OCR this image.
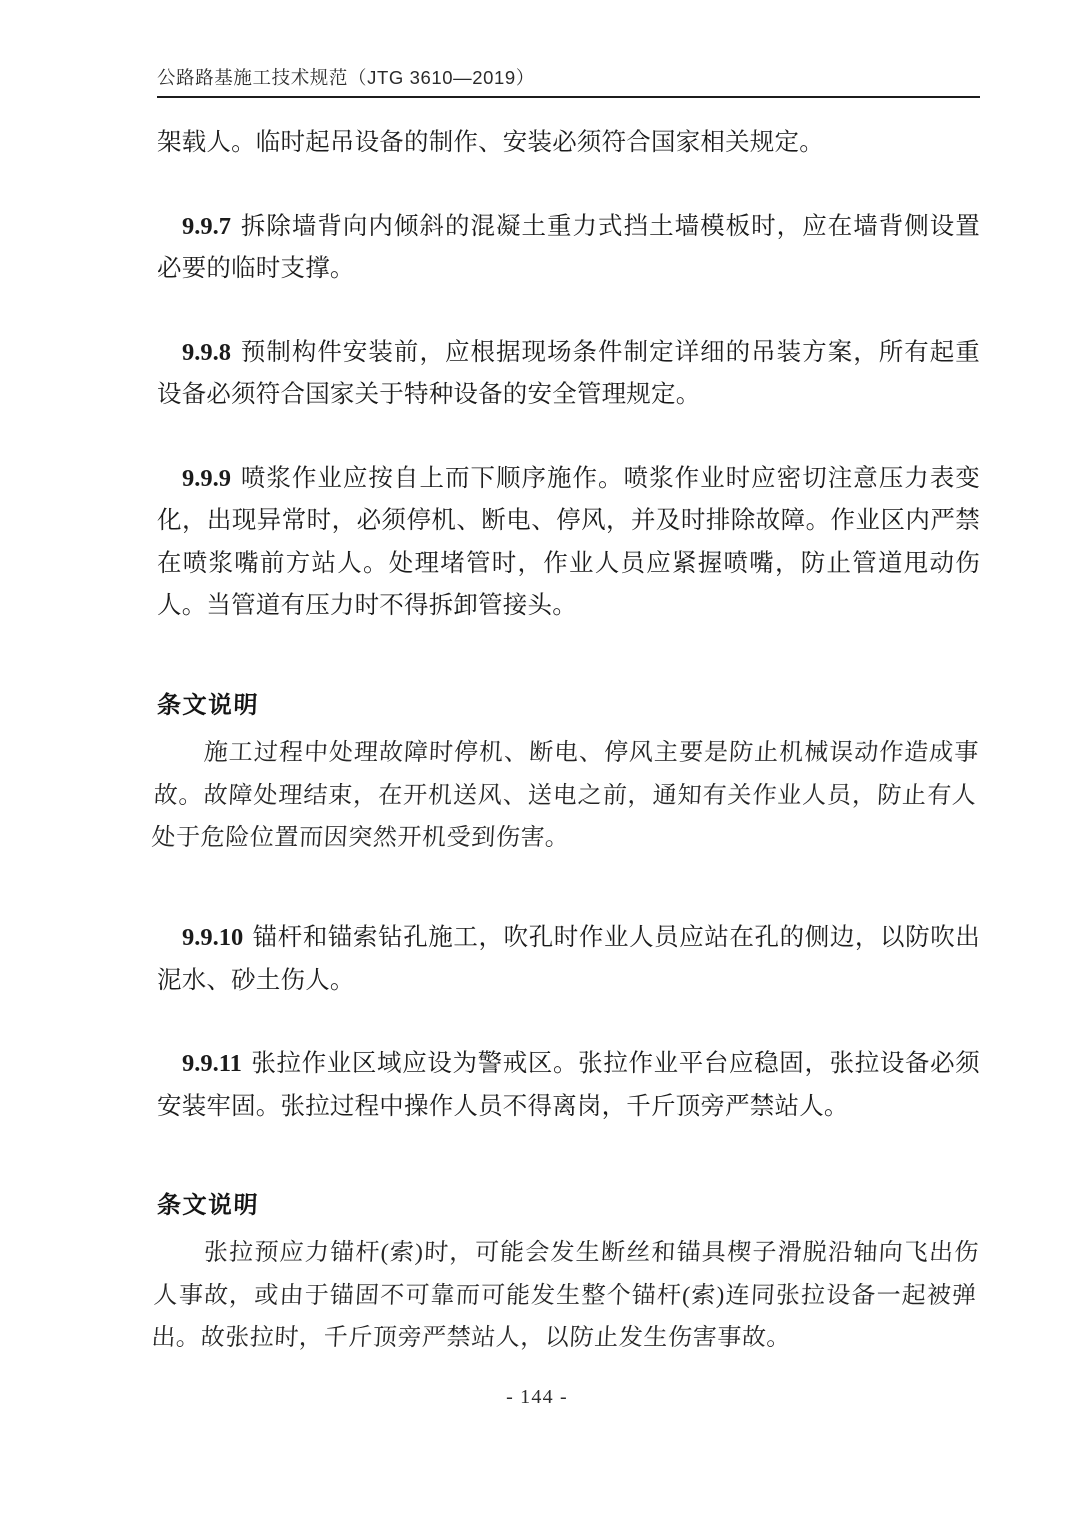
公路路基施工技术规范（JTG 3610—2019）

架载人。临时起吊设备的制作、安装必须符合国家相关规定。

9.9.7 拆除墙背向内倾斜的混凝土重力式挡土墙模板时，应在墙背侧设置必要的临时支撑。

9.9.8 预制构件安装前，应根据现场条件制定详细的吊装方案，所有起重设备必须符合国家关于特种设备的安全管理规定。

9.9.9 喷浆作业应按自上而下顺序施作。喷浆作业时应密切注意压力表变化，出现异常时，必须停机、断电、停风，并及时排除故障。作业区内严禁在喷浆嘴前方站人。处理堵管时，作业人员应紧握喷嘴，防止管道甩动伤人。当管道有压力时不得拆卸管接头。

条文说明

施工过程中处理故障时停机、断电、停风主要是防止机械误动作造成事故。故障处理结束，在开机送风、送电之前，通知有关作业人员，防止有人处于危险位置而因突然开机受到伤害。

9.9.10 锚杆和锚索钻孔施工，吹孔时作业人员应站在孔的侧边，以防吹出泥水、砂土伤人。

9.9.11 张拉作业区域应设为警戒区。张拉作业平台应稳固，张拉设备必须安装牢固。张拉过程中操作人员不得离岗，千斤顶旁严禁站人。

条文说明

张拉预应力锚杆(索)时，可能会发生断丝和锚具楔子滑脱沿轴向飞出伤人事故，或由于锚固不可靠而可能发生整个锚杆(索)连同张拉设备一起被弹出。故张拉时，千斤顶旁严禁站人，以防止发生伤害事故。

- 144 -
